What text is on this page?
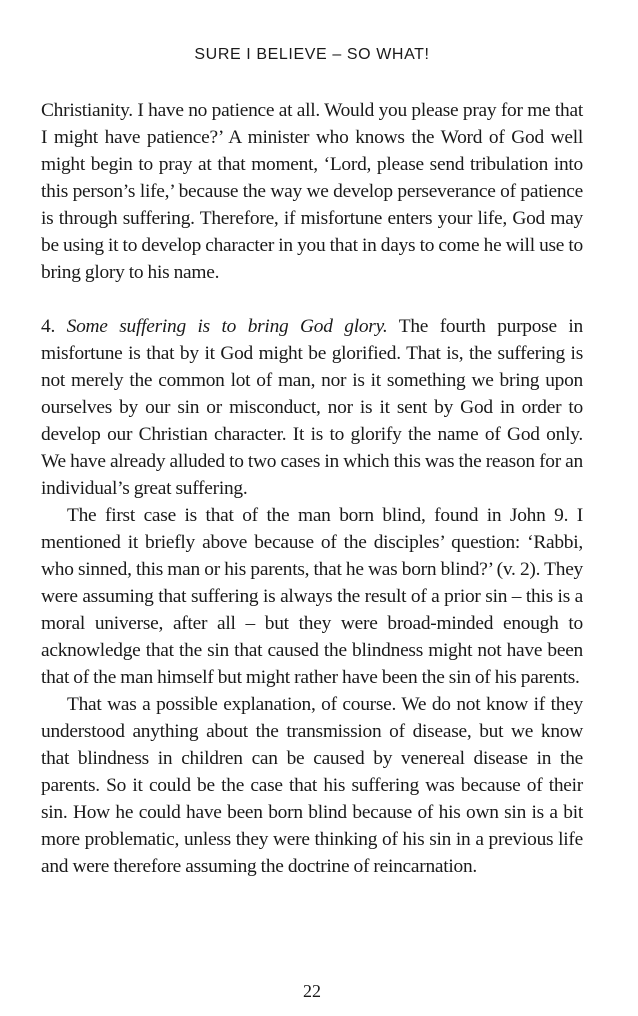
SURE I BELIEVE – SO WHAT!

Christianity. I have no patience at all. Would you please pray for me that I might have patience?’ A minister who knows the Word of God well might begin to pray at that moment, ‘Lord, please send tribulation into this person’s life,’ because the way we develop perseverance of patience is through suffering. Therefore, if misfortune enters your life, God may be using it to develop character in you that in days to come he will use to bring glory to his name.

4. Some suffering is to bring God glory. The fourth purpose in misfortune is that by it God might be glorified. That is, the suffering is not merely the common lot of man, nor is it something we bring upon ourselves by our sin or misconduct, nor is it sent by God in order to develop our Christian character. It is to glorify the name of God only. We have already alluded to two cases in which this was the reason for an individual’s great suffering.

The first case is that of the man born blind, found in John 9. I mentioned it briefly above because of the disciples’ question: ‘Rabbi, who sinned, this man or his parents, that he was born blind?’ (v. 2). They were assuming that suffering is always the result of a prior sin – this is a moral universe, after all – but they were broad-minded enough to acknowledge that the sin that caused the blindness might not have been that of the man himself but might rather have been the sin of his parents.

That was a possible explanation, of course. We do not know if they understood anything about the transmission of disease, but we know that blindness in children can be caused by venereal disease in the parents. So it could be the case that his suffering was because of their sin. How he could have been born blind because of his own sin is a bit more problematic, unless they were thinking of his sin in a previous life and were therefore assuming the doctrine of reincarnation.

22
